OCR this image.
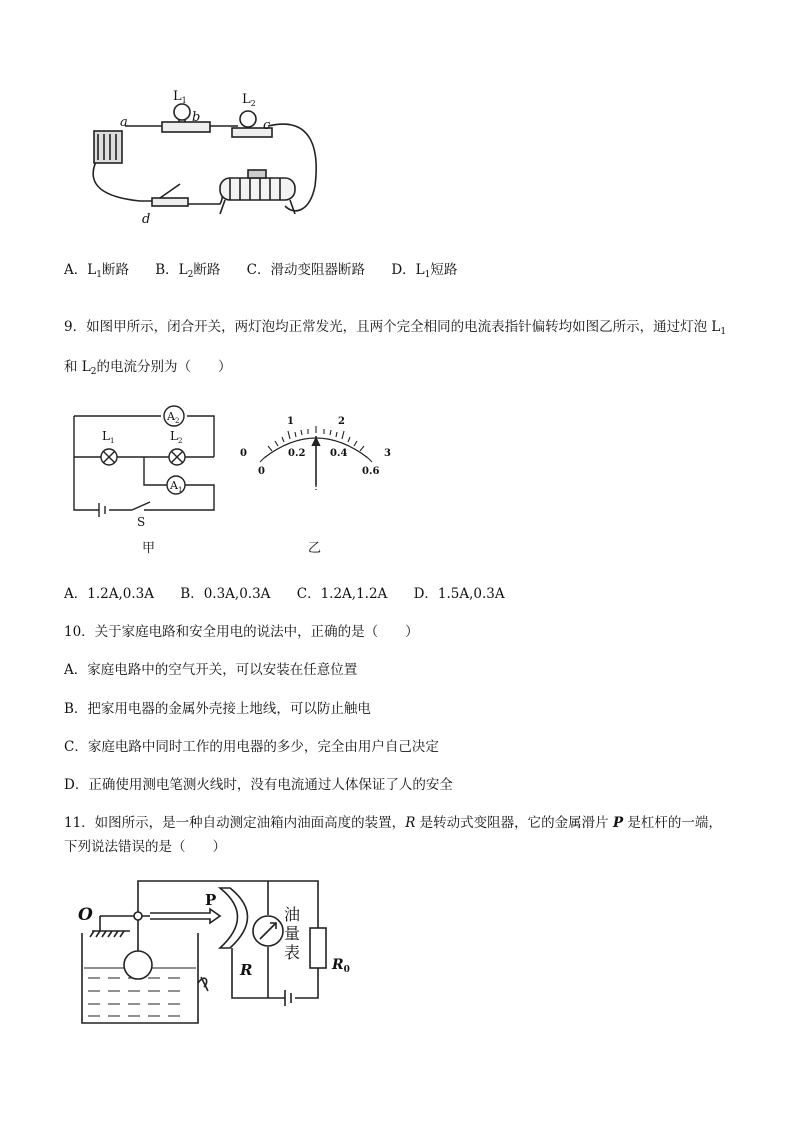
a	b
c
d
$L_1$	$L_2$
A．$L_1$断路 B．$L_2$断路 C．滑动变阻器断路 D．$L_1$短路
9．如图甲所示，闭合开关，两灯泡均正常发光，且两个完全相同的电流表指针偏转均如图乙所示，通过灯泡 $L_1$
和 $L_2$的电流分别为（　　）
$A_2$
$A_1$
$L_1$	$L_2$
S
甲
1	2
0	3
0
0.2 0.4
0.6
乙
A．1.2A,0.3A B．0.3A,0.3A C．1.2A,1.2A D．1.5A,0.3A
10．关于家庭电路和安全用电的说法中，正确的是（　　）
A．家庭电路中的空气开关，可以安装在任意位置
B．把家用电器的金属外壳接上地线，可以防止触电
C．家庭电路中同时工作的用电器的多少，完全由用户自己决定
D．正确使用测电笔测火线时，没有电流通过人体保证了人的安全
11．如图所示，是一种自动测定油箱内油面高度的装置，R 是转动式变阻器，它的金属滑片 P 是杠杆的一端，
下列说法错误的是（　　）
O
P
R
油
量
表
$R_0$
